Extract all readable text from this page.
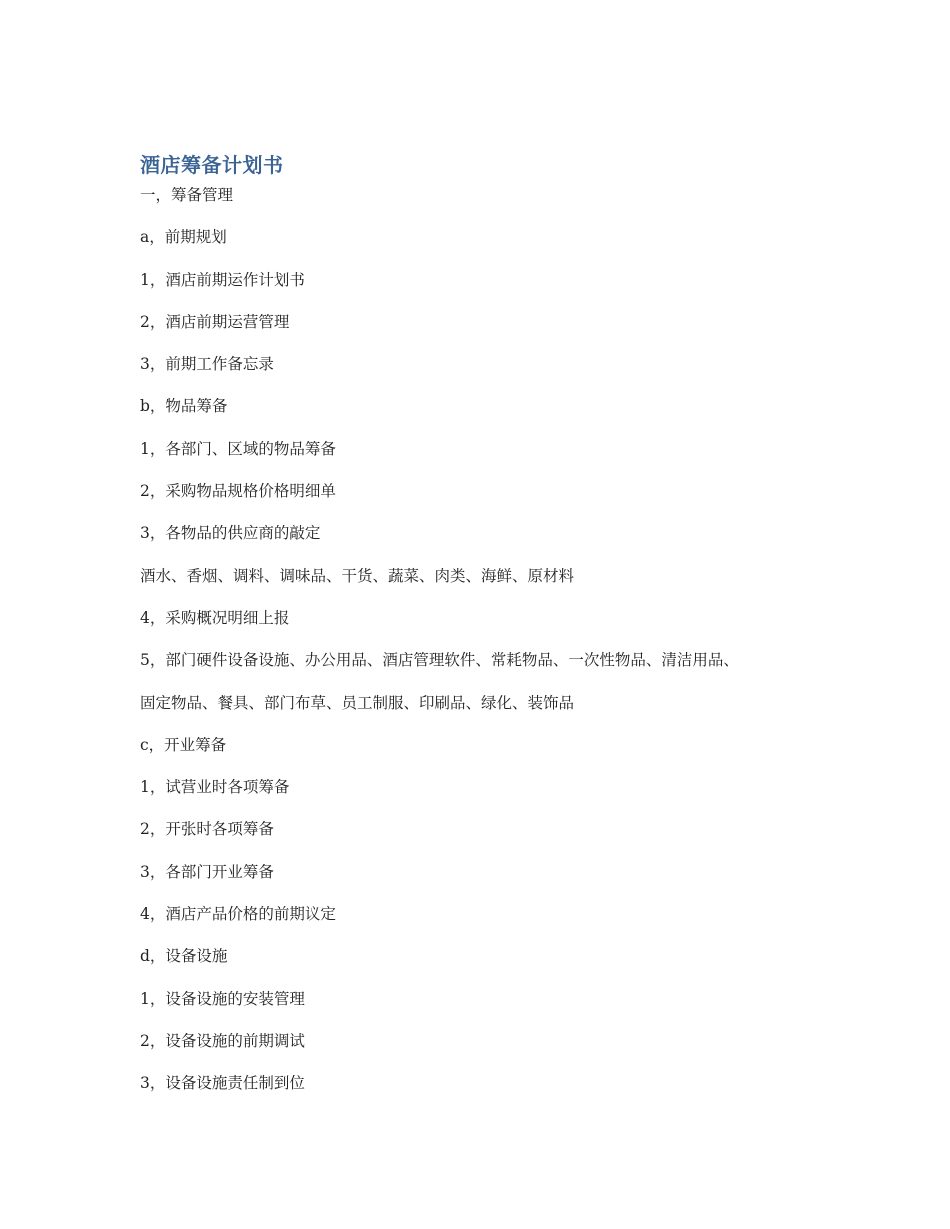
酒店筹备计划书

一，筹备管理

a，前期规划

1，酒店前期运作计划书

2，酒店前期运营管理

3，前期工作备忘录

b，物品筹备

1，各部门、区域的物品筹备

2，采购物品规格价格明细单

3，各物品的供应商的敲定

酒水、香烟、调料、调味品、干货、蔬菜、肉类、海鲜、原材料

4，采购概况明细上报

5，部门硬件设备设施、办公用品、酒店管理软件、常耗物品、一次性物品、清洁用品、

固定物品、餐具、部门布草、员工制服、印刷品、绿化、装饰品

c，开业筹备

1，试营业时各项筹备

2，开张时各项筹备

3，各部门开业筹备

4，酒店产品价格的前期议定

d，设备设施

1，设备设施的安装管理

2，设备设施的前期调试

3，设备设施责任制到位
